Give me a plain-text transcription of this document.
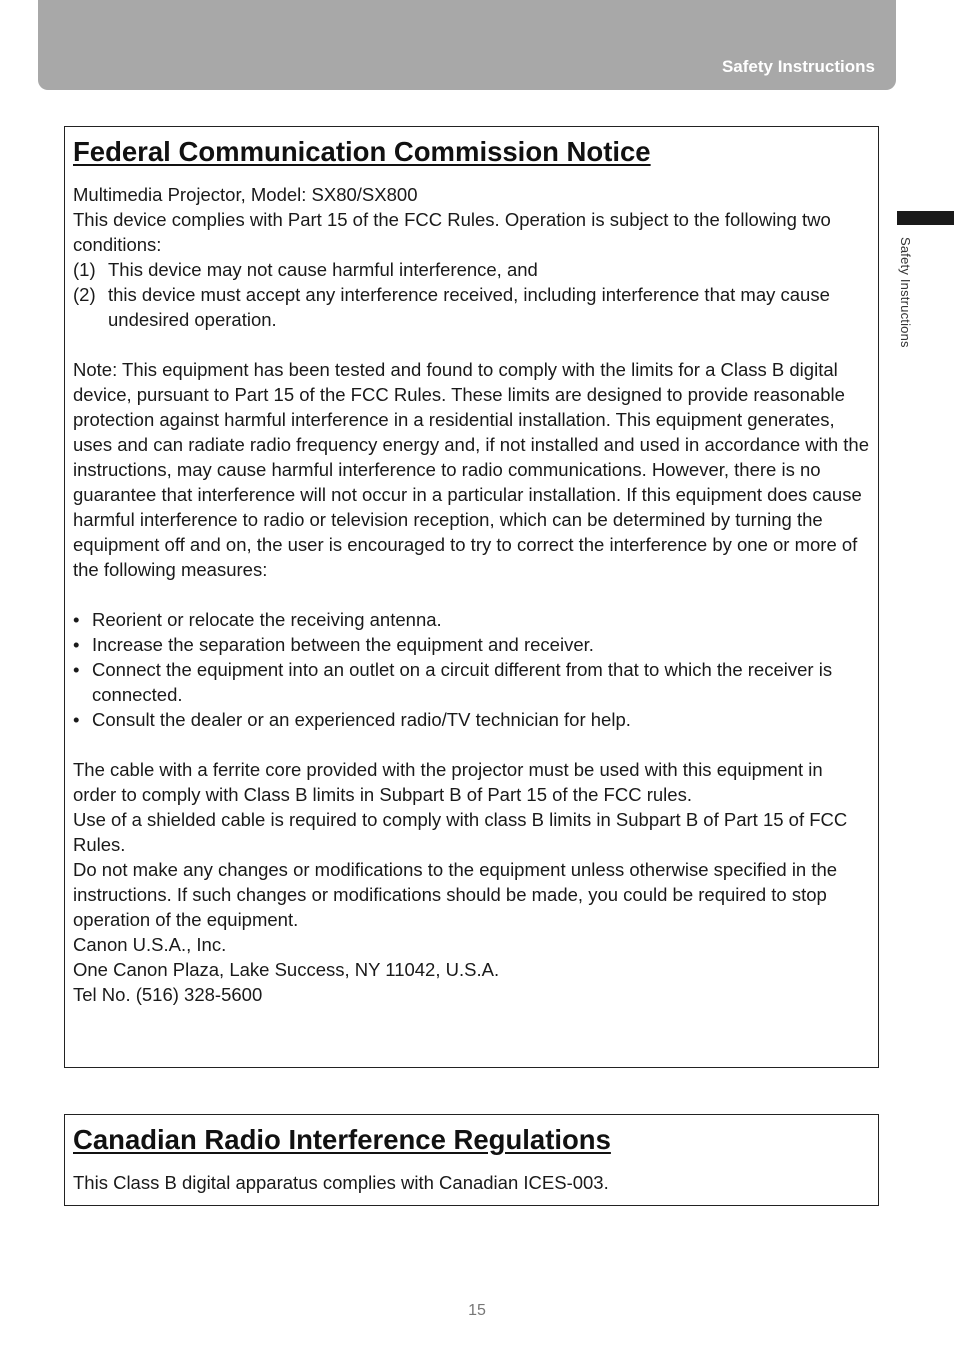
Safety Instructions
Safety Instructions
Federal Communication Commission Notice

Multimedia Projector, Model: SX80/SX800

This device complies with Part 15 of the FCC Rules. Operation is subject to the following two conditions:

(1) This device may not cause harmful interference, and
(2) this device must accept any interference received, including interference that may cause undesired operation.

Note: This equipment has been tested and found to comply with the limits for a Class B digital device, pursuant to Part 15 of the FCC Rules. These limits are designed to provide reasonable protection against harmful interference in a residential installation. This equipment generates, uses and can radiate radio frequency energy and, if not installed and used in accordance with the instructions, may cause harmful interference to radio communications. However, there is no guarantee that interference will not occur in a particular installation. If this equipment does cause harmful interference to radio or television reception, which can be determined by turning the equipment off and on, the user is encouraged to try to correct the interference by one or more of the following measures:

• Reorient or relocate the receiving antenna.
• Increase the separation between the equipment and receiver.
• Connect the equipment into an outlet on a circuit different from that to which the receiver is connected.
• Consult the dealer or an experienced radio/TV technician for help.

The cable with a ferrite core provided with the projector must be used with this equipment in order to comply with Class B limits in Subpart B of Part 15 of the FCC rules.

Use of a shielded cable is required to comply with class B limits in Subpart B of Part 15 of FCC Rules.

Do not make any changes or modifications to the equipment unless otherwise specified in the instructions. If such changes or modifications should be made, you could be required to stop operation of the equipment.

Canon U.S.A., Inc.

One Canon Plaza, Lake Success, NY 11042, U.S.A.

Tel No. (516) 328-5600

Canadian Radio Interference Regulations

This Class B digital apparatus complies with Canadian ICES-003.

15
